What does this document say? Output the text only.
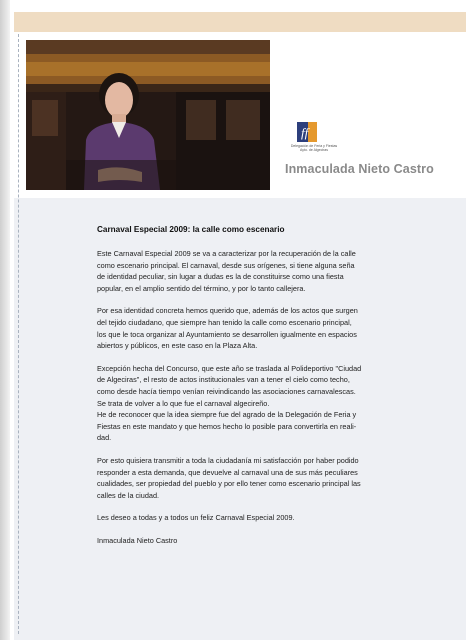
ff
Delegación de Feria y Fiestas
Ayto. de Algeciras
Inmaculada Nieto Castro
Carnaval Especial 2009: la calle como escenario
Este Carnaval Especial 2009 se va a caracterizar por la recuperación de la calle
como escenario principal. El carnaval, desde sus orígenes, si tiene alguna seña
de identidad peculiar, sin lugar a dudas es la de constituirse como una fiesta
popular, en el amplio sentido del término, y por lo tanto callejera.
Por esa identidad concreta hemos querido que, además de los actos que surgen
del tejido ciudadano, que siempre han tenido la calle como escenario principal,
los que le toca organizar al Ayuntamiento se desarrollen igualmente en espacios
abiertos y públicos, en este caso en la Plaza Alta.
Excepción hecha del Concurso, que este año se traslada al Polideportivo "Ciudad
de Algeciras", el resto de actos institucionales van a tener el cielo como techo,
como desde hacía tiempo venían reivindicando las asociaciones carnavalescas.
Se trata de volver a lo que fue el carnaval algecireño.
He de reconocer que la idea siempre fue del agrado de la Delegación de Feria y
Fiestas en este mandato y que hemos hecho lo posible para convertirla en reali-
dad.
Por esto quisiera transmitir a toda la ciudadanía mi satisfacción por haber podido
responder a esta demanda, que devuelve al carnaval una de sus más peculiares
cualidades, ser propiedad del pueblo y por ello tener como escenario principal las
calles de la ciudad.
Les deseo a todas y a todos un feliz Carnaval Especial 2009.
Inmaculada Nieto Castro
